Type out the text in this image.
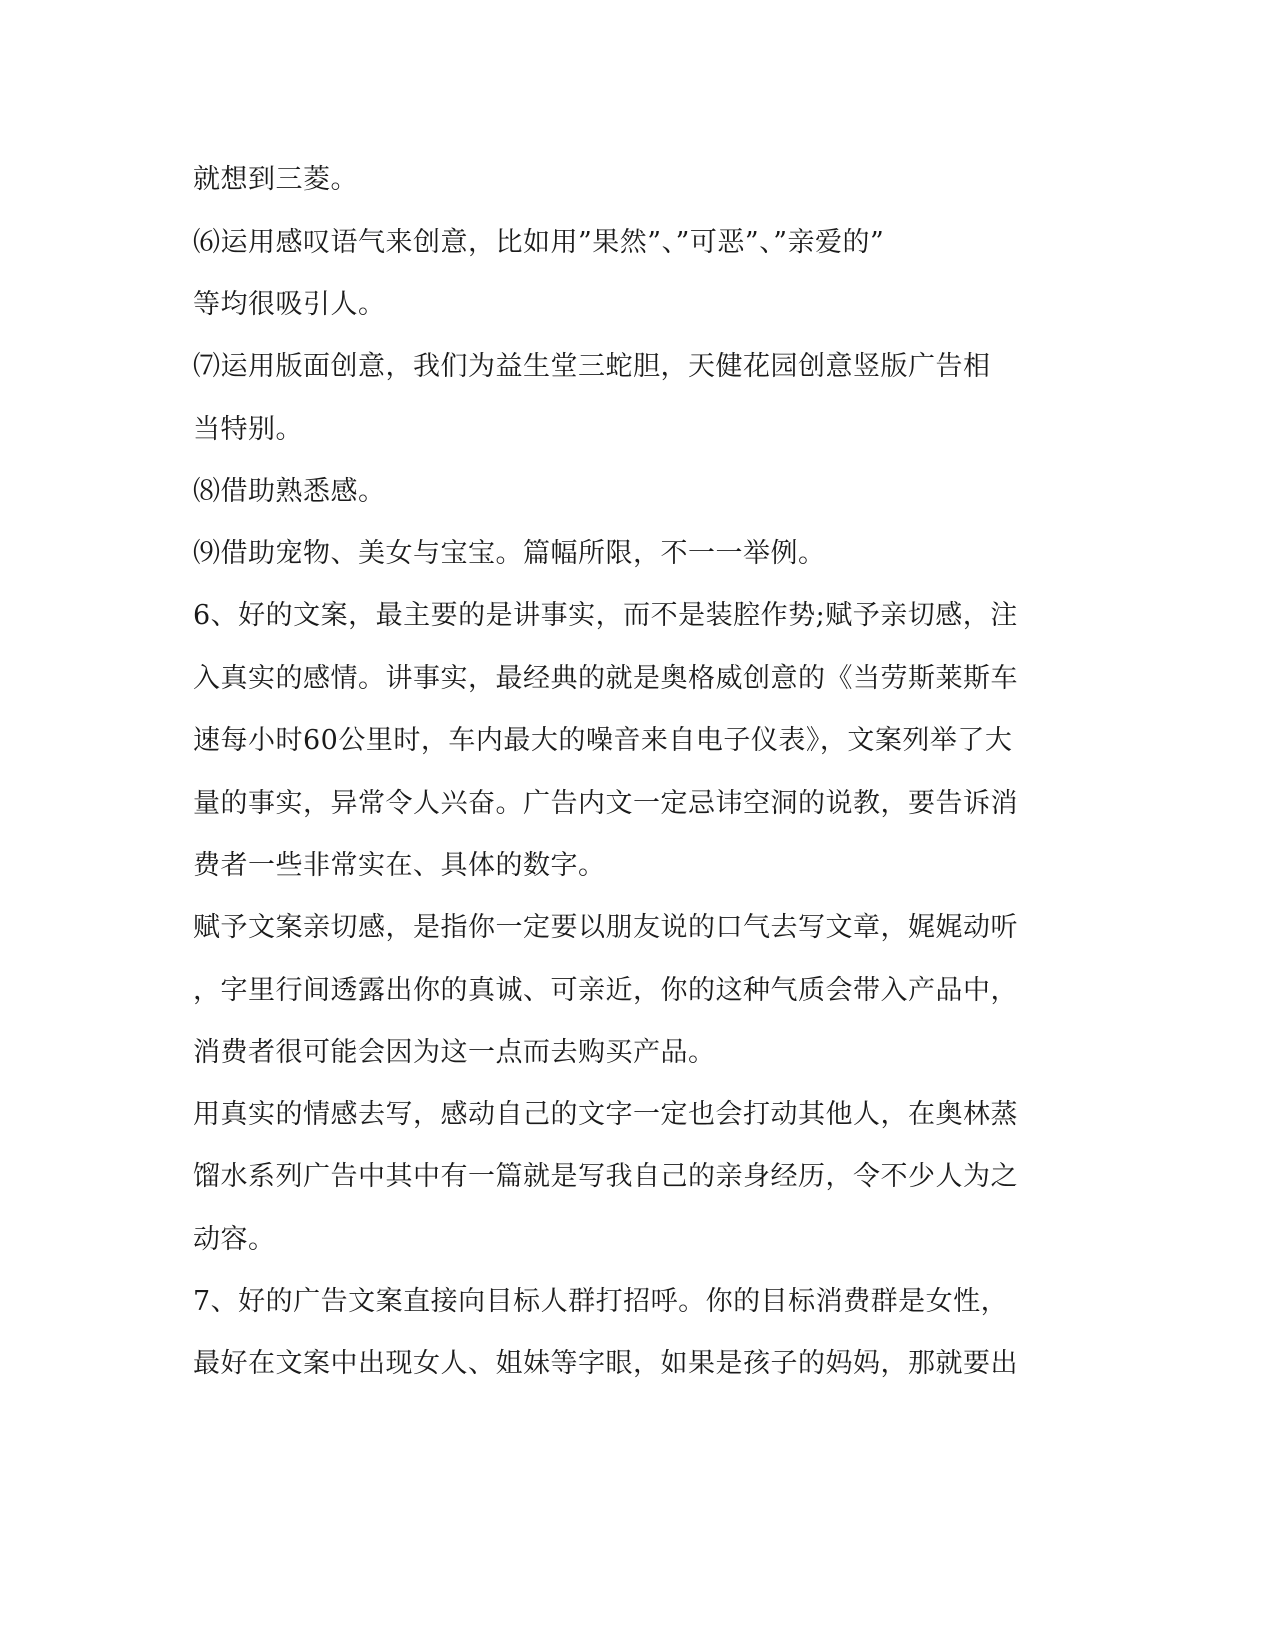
就想到三菱。
⑹运用感叹语气来创意，比如用”果然”、”可恶”、”亲爱的”
等均很吸引人。
⑺运用版面创意，我们为益生堂三蛇胆，天健花园创意竖版广告相
当特别。
⑻借助熟悉感。
⑼借助宠物、美女与宝宝。篇幅所限，不一一举例。
6、好的文案，最主要的是讲事实，而不是装腔作势;赋予亲切感，注
入真实的感情。讲事实，最经典的就是奥格威创意的《当劳斯莱斯车
速每小时60公里时，车内最大的噪音来自电子仪表》，文案列举了大
量的事实，异常令人兴奋。广告内文一定忌讳空洞的说教，要告诉消
费者一些非常实在、具体的数字。
赋予文案亲切感，是指你一定要以朋友说的口气去写文章，娓娓动听
，字里行间透露出你的真诚、可亲近，你的这种气质会带入产品中，
消费者很可能会因为这一点而去购买产品。
用真实的情感去写，感动自己的文字一定也会打动其他人，在奥林蒸
馏水系列广告中其中有一篇就是写我自己的亲身经历，令不少人为之
动容。
7、好的广告文案直接向目标人群打招呼。你的目标消费群是女性，
最好在文案中出现女人、姐妹等字眼，如果是孩子的妈妈，那就要出
